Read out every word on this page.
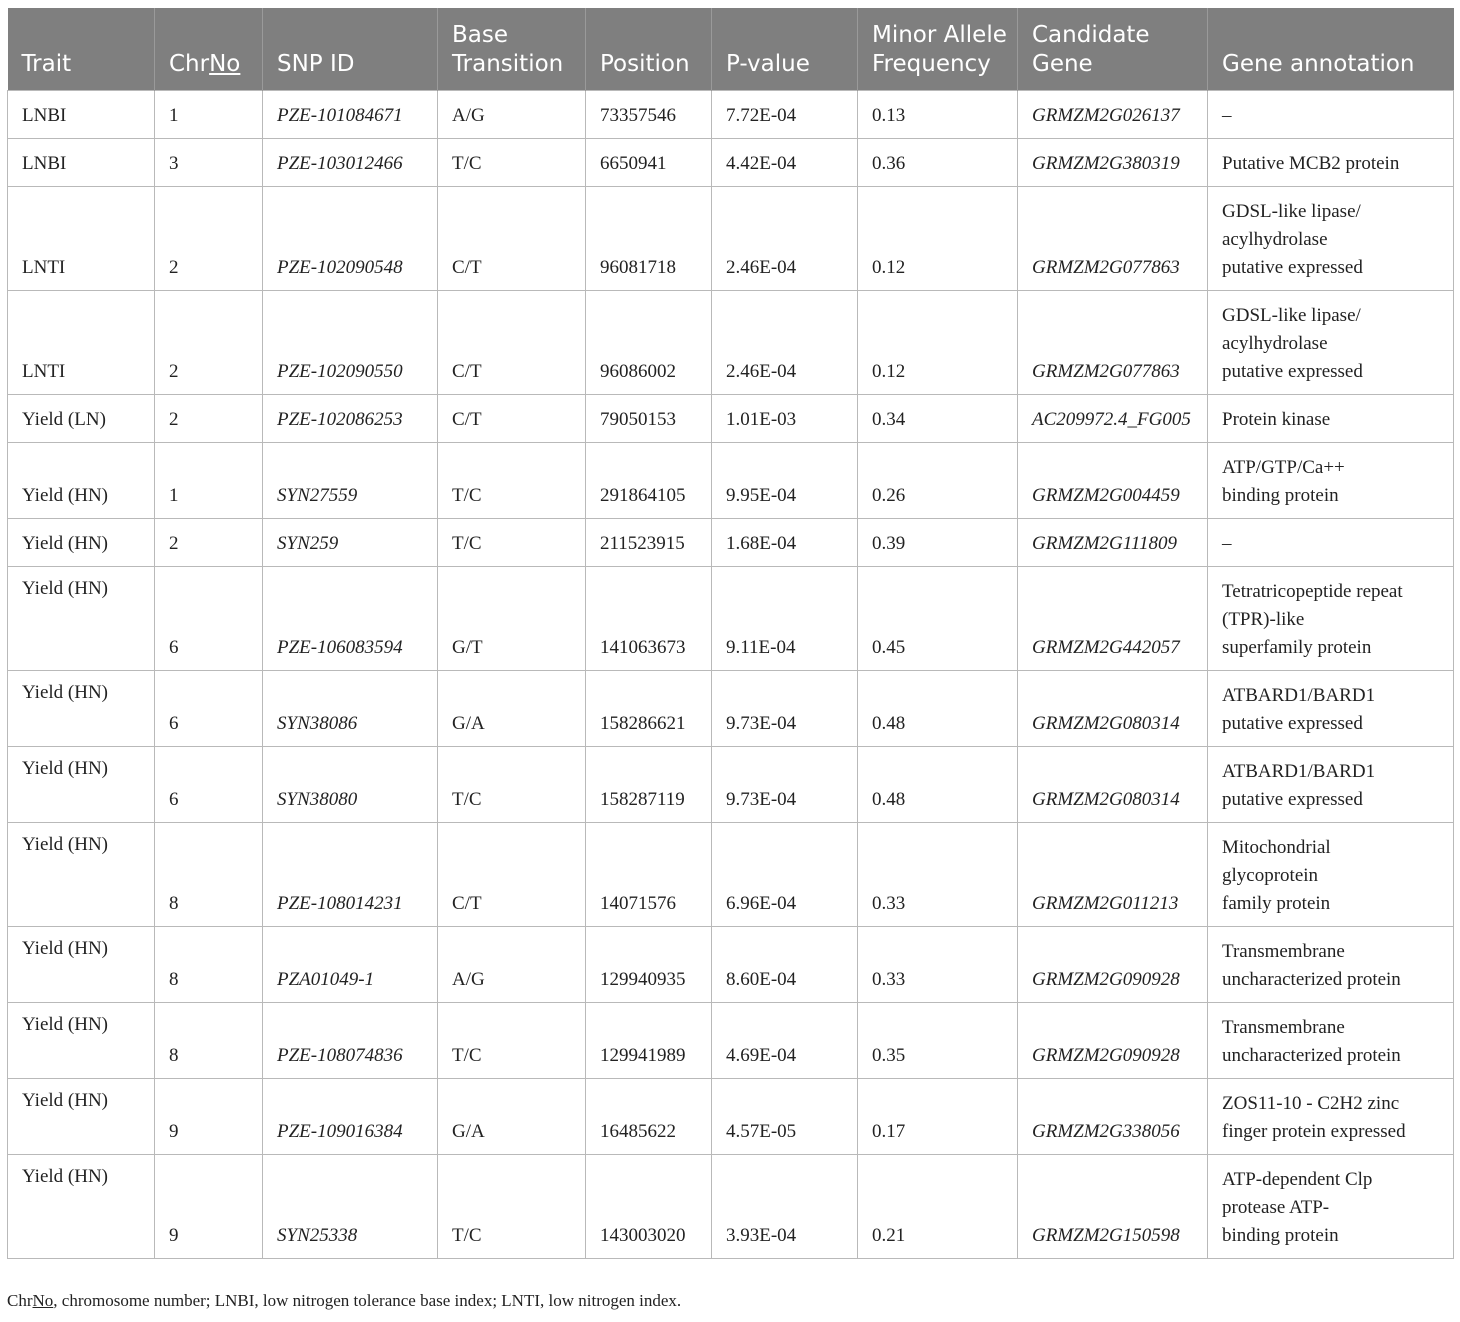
Trait	ChrNo	SNP ID	Base Transition	Position	P-value	Minor Allele Frequency	Candidate Gene	Gene annotation
LNBI	1	PZE-101084671	A/G	73357546	7.72E-04	0.13	GRMZM2G026137	–

LNBI	3	PZE-103012466	T/C	6650941	4.42E-04	0.36	GRMZM2G380319	Putative MCB2 protein

LNTI	2	PZE-102090548	C/T	96081718	2.46E-04	0.12	GRMZM2G077863	GDSL-like lipase/
acylhydrolase
putative expressed

LNTI	2	PZE-102090550	C/T	96086002	2.46E-04	0.12	GRMZM2G077863	GDSL-like lipase/
acylhydrolase
putative expressed

Yield (LN)	2	PZE-102086253	C/T	79050153	1.01E-03	0.34	AC209972.4_FG005	Protein kinase

Yield (HN)	1	SYN27559	T/C	291864105	9.95E-04	0.26	GRMZM2G004459	ATP/GTP/Ca++
binding protein

Yield (HN)	2	SYN259	T/C	211523915	1.68E-04	0.39	GRMZM2G111809	–

Yield (HN)	6	PZE-106083594	G/T	141063673	9.11E-04	0.45	GRMZM2G442057	Tetratricopeptide repeat
(TPR)-like
superfamily protein

Yield (HN)	6	SYN38086	G/A	158286621	9.73E-04	0.48	GRMZM2G080314	ATBARD1/BARD1
putative expressed

Yield (HN)	6	SYN38080	T/C	158287119	9.73E-04	0.48	GRMZM2G080314	ATBARD1/BARD1
putative expressed

Yield (HN)	8	PZE-108014231	C/T	14071576	6.96E-04	0.33	GRMZM2G011213	Mitochondrial
glycoprotein
family protein

Yield (HN)	8	PZA01049-1	A/G	129940935	8.60E-04	0.33	GRMZM2G090928	Transmembrane
uncharacterized protein

Yield (HN)	8	PZE-108074836	T/C	129941989	4.69E-04	0.35	GRMZM2G090928	Transmembrane
uncharacterized protein

Yield (HN)	9	PZE-109016384	G/A	16485622	4.57E-05	0.17	GRMZM2G338056	ZOS11-10 - C2H2 zinc
finger protein expressed

Yield (HN)	9	SYN25338	T/C	143003020	3.93E-04	0.21	GRMZM2G150598	ATP-dependent Clp
protease ATP-
binding protein
ChrNo, chromosome number; LNBI, low nitrogen tolerance base index; LNTI, low nitrogen index.
